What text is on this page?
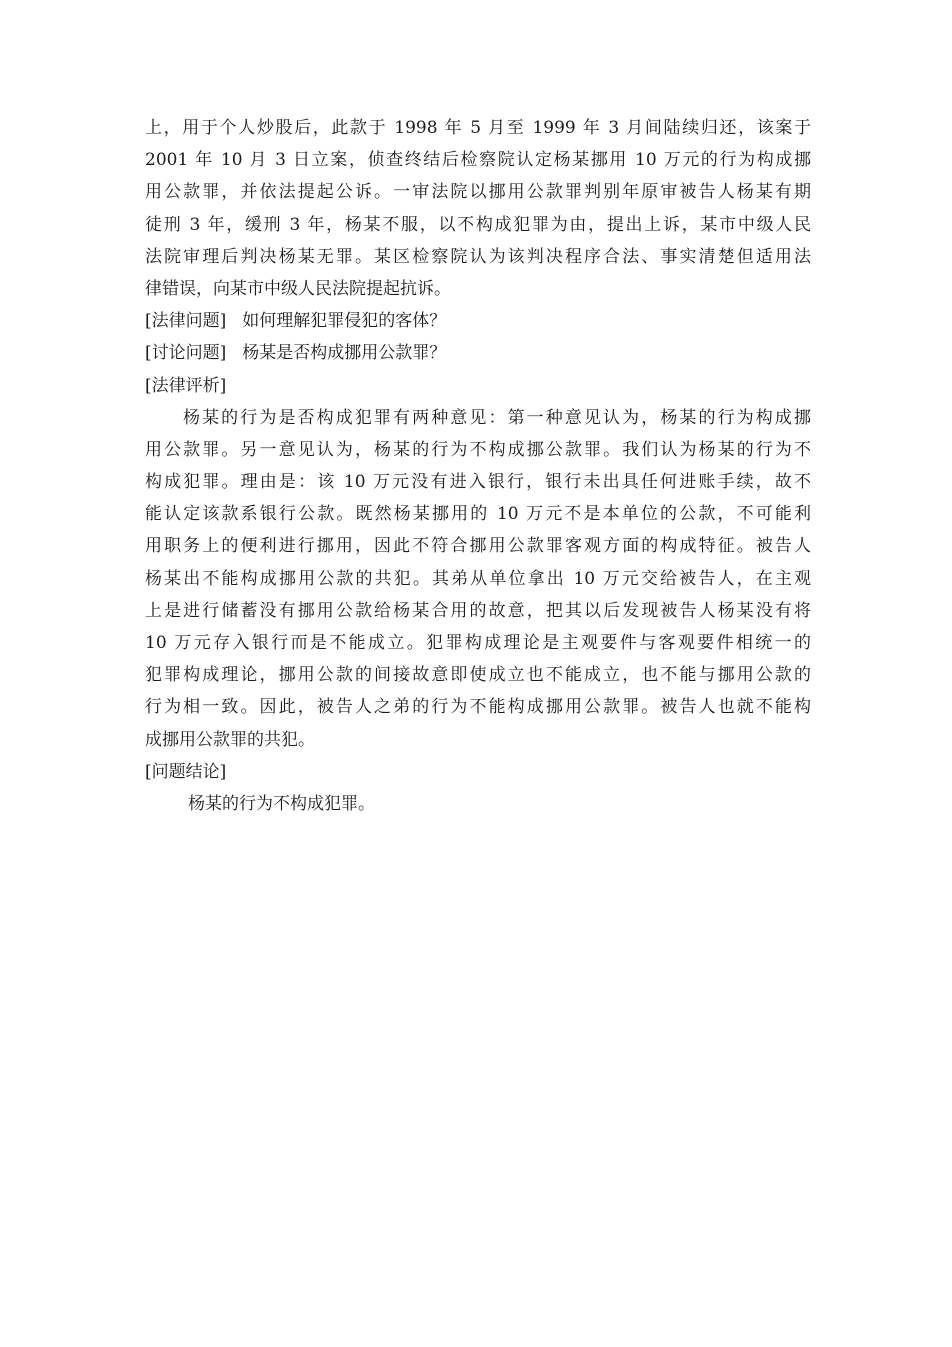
上，用于个人炒股后，此款于 1998 年 5 月至 1999 年 3 月间陆续归还，该案于
2001 年 10 月 3 日立案，侦查终结后检察院认定杨某挪用 10 万元的行为构成挪
用公款罪，并依法提起公诉。一审法院以挪用公款罪判别年原审被告人杨某有期
徒刑 3 年，缓刑 3 年，杨某不服，以不构成犯罪为由，提出上诉，某市中级人民
法院审理后判决杨某无罪。某区检察院认为该判决程序合法、事实清楚但适用法
律错误，向某市中级人民法院提起抗诉。
[法律问题] 如何理解犯罪侵犯的客体？
[讨论问题] 杨某是否构成挪用公款罪？
[法律评析]
杨某的行为是否构成犯罪有两种意见：第一种意见认为，杨某的行为构成挪
用公款罪。另一意见认为，杨某的行为不构成挪公款罪。我们认为杨某的行为不
构成犯罪。理由是：该 10 万元没有进入银行，银行未出具任何进账手续，故不
能认定该款系银行公款。既然杨某挪用的 10 万元不是本单位的公款，不可能利
用职务上的便利进行挪用，因此不符合挪用公款罪客观方面的构成特征。被告人
杨某出不能构成挪用公款的共犯。其弟从单位拿出 10 万元交给被告人，在主观
上是进行储蓄没有挪用公款给杨某合用的故意，把其以后发现被告人杨某没有将
10 万元存入银行而是不能成立。犯罪构成理论是主观要件与客观要件相统一的
犯罪构成理论，挪用公款的间接故意即使成立也不能成立，也不能与挪用公款的
行为相一致。因此，被告人之弟的行为不能构成挪用公款罪。被告人也就不能构
成挪用公款罪的共犯。
[问题结论]
杨某的行为不构成犯罪。
